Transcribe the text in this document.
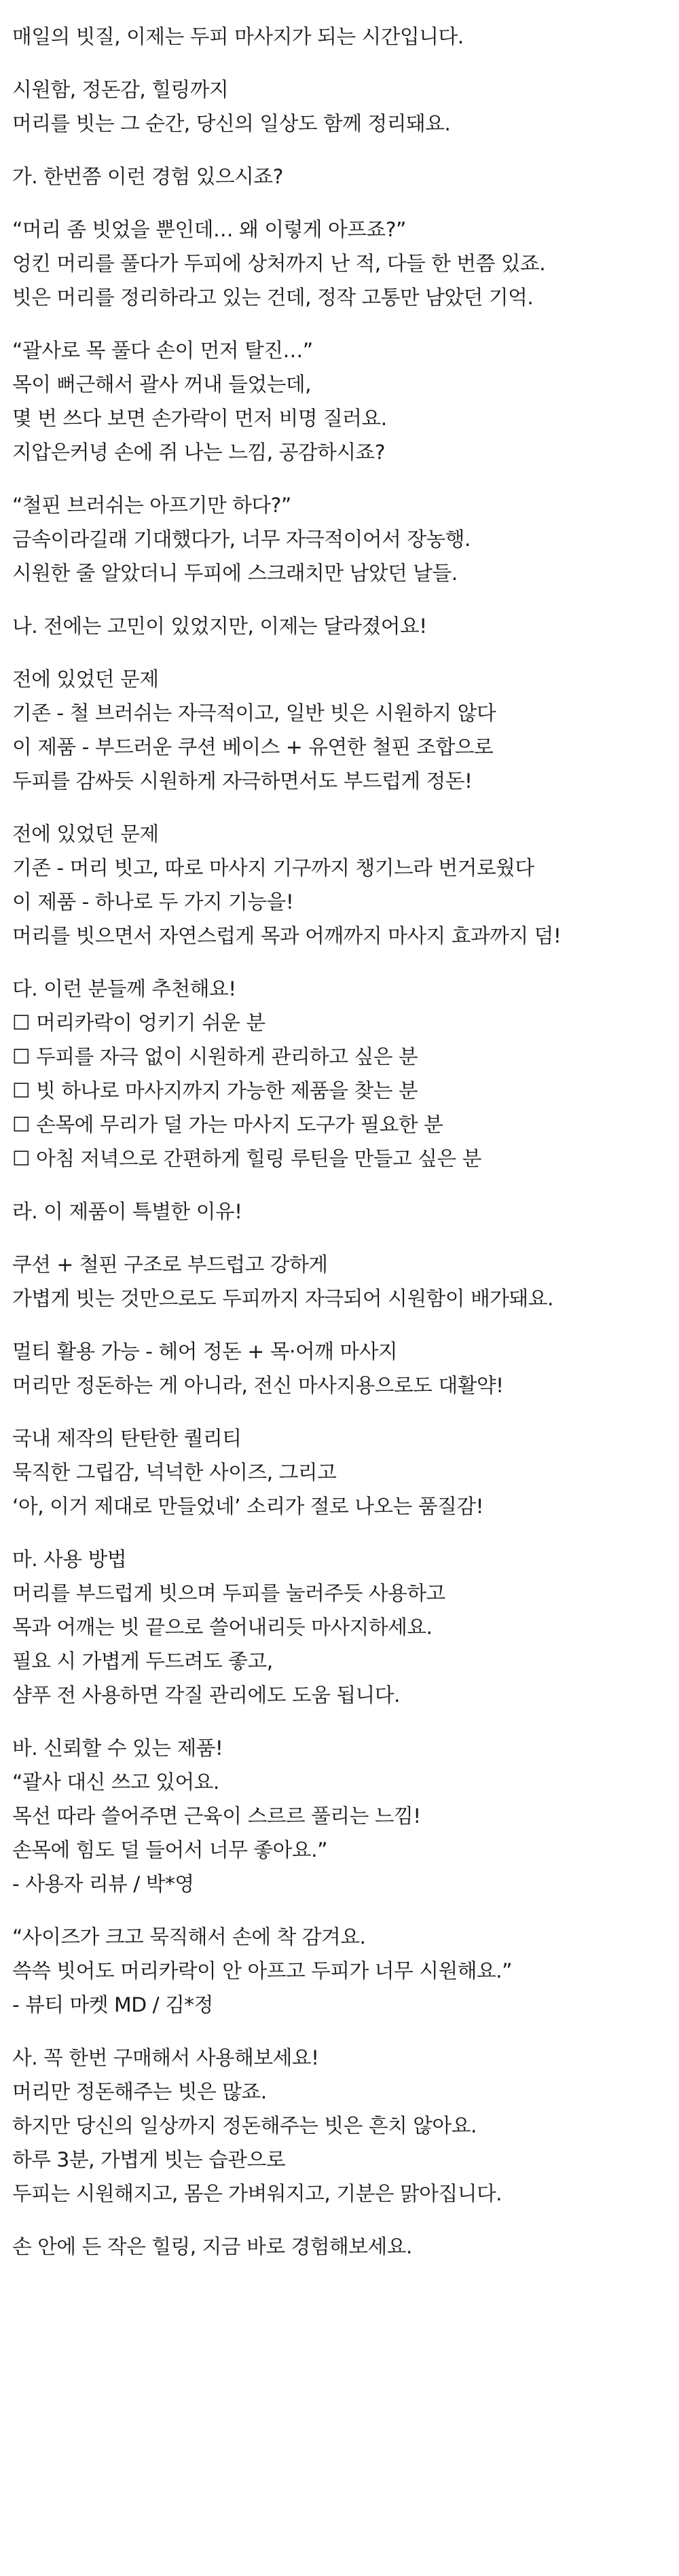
매일의 빗질, 이제는 두피 마사지가 되는 시간입니다.
시원함, 정돈감, 힐링까지
머리를 빗는 그 순간, 당신의 일상도 함께 정리돼요.
가. 한번쯤 이런 경험 있으시죠?
“머리 좀 빗었을 뿐인데… 왜 이렇게 아프죠?”
엉킨 머리를 풀다가 두피에 상처까지 난 적, 다들 한 번쯤 있죠.
빗은 머리를 정리하라고 있는 건데, 정작 고통만 남았던 기억.
“괄사로 목 풀다 손이 먼저 탈진…”
목이 뻐근해서 괄사 꺼내 들었는데,
몇 번 쓰다 보면 손가락이 먼저 비명 질러요.
지압은커녕 손에 쥐 나는 느낌, 공감하시죠?
“철핀 브러쉬는 아프기만 하다?”
금속이라길래 기대했다가, 너무 자극적이어서 장농행.
시원한 줄 알았더니 두피에 스크래치만 남았던 날들.
나. 전에는 고민이 있었지만, 이제는 달라졌어요!
전에 있었던 문제
기존 - 철 브러쉬는 자극적이고, 일반 빗은 시원하지 않다
이 제품 - 부드러운 쿠션 베이스 + 유연한 철핀 조합으로
두피를 감싸듯 시원하게 자극하면서도 부드럽게 정돈!
전에 있었던 문제
기존 - 머리 빗고, 따로 마사지 기구까지 챙기느라 번거로웠다
이 제품 - 하나로 두 가지 기능을!
머리를 빗으면서 자연스럽게 목과 어깨까지 마사지 효과까지 덤!
다. 이런 분들께 추천해요!
☐ 머리카락이 엉키기 쉬운 분
☐ 두피를 자극 없이 시원하게 관리하고 싶은 분
☐ 빗 하나로 마사지까지 가능한 제품을 찾는 분
☐ 손목에 무리가 덜 가는 마사지 도구가 필요한 분
☐ 아침 저녁으로 간편하게 힐링 루틴을 만들고 싶은 분
라. 이 제품이 특별한 이유!
쿠션 + 철핀 구조로 부드럽고 강하게
가볍게 빗는 것만으로도 두피까지 자극되어 시원함이 배가돼요.
멀티 활용 가능 - 헤어 정돈 + 목·어깨 마사지
머리만 정돈하는 게 아니라, 전신 마사지용으로도 대활약!
국내 제작의 탄탄한 퀄리티
묵직한 그립감, 넉넉한 사이즈, 그리고
‘아, 이거 제대로 만들었네’ 소리가 절로 나오는 품질감!
마. 사용 방법
머리를 부드럽게 빗으며 두피를 눌러주듯 사용하고
목과 어깨는 빗 끝으로 쓸어내리듯 마사지하세요.
필요 시 가볍게 두드려도 좋고,
샴푸 전 사용하면 각질 관리에도 도움 됩니다.
바. 신뢰할 수 있는 제품!
“괄사 대신 쓰고 있어요.
목선 따라 쓸어주면 근육이 스르르 풀리는 느낌!
손목에 힘도 덜 들어서 너무 좋아요.”
- 사용자 리뷰 / 박*영
“사이즈가 크고 묵직해서 손에 착 감겨요.
쓱쓱 빗어도 머리카락이 안 아프고 두피가 너무 시원해요.”
- 뷰티 마켓 MD / 김*정
사. 꼭 한번 구매해서 사용해보세요!
머리만 정돈해주는 빗은 많죠.
하지만 당신의 일상까지 정돈해주는 빗은 흔치 않아요.
하루 3분, 가볍게 빗는 습관으로
두피는 시원해지고, 몸은 가벼워지고, 기분은 맑아집니다.
손 안에 든 작은 힐링, 지금 바로 경험해보세요.
